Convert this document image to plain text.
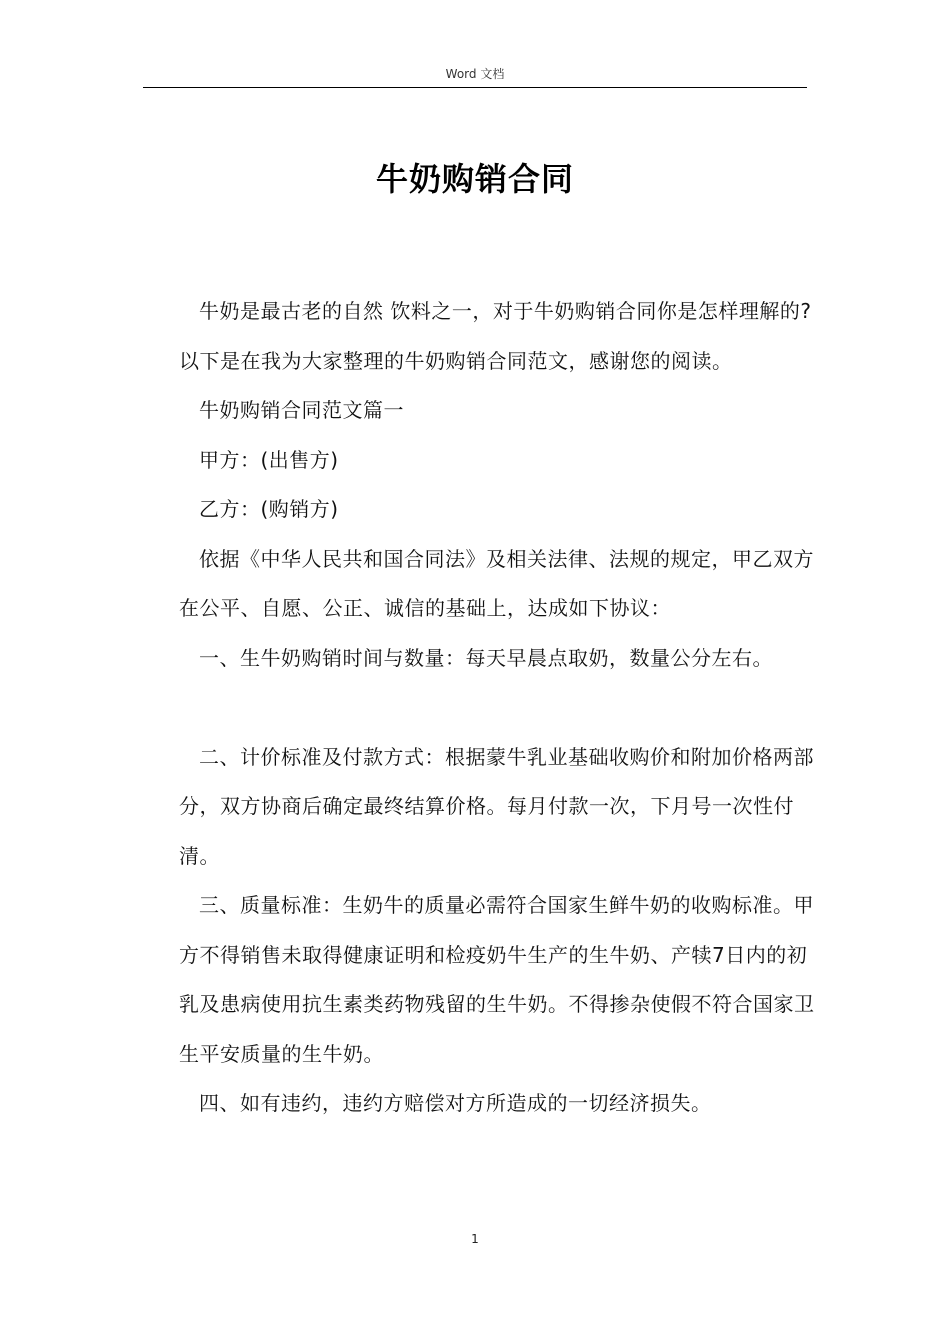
Word 文档
牛奶购销合同

牛奶是最古老的自然 饮料之一，对于牛奶购销合同你是怎样理解的?以下是在我为大家整理的牛奶购销合同范文，感谢您的阅读。

牛奶购销合同范文篇一

甲方：(出售方)

乙方：(购销方)

依据《中华人民共和国合同法》及相关法律、法规的规定，甲乙双方在公平、自愿、公正、诚信的基础上，达成如下协议：

一、生牛奶购销时间与数量：每天早晨点取奶，数量公分左右。

二、计价标准及付款方式：根据蒙牛乳业基础收购价和附加价格两部分，双方协商后确定最终结算价格。每月付款一次，下月号一次性付清。

三、质量标准：生奶牛的质量必需符合国家生鲜牛奶的收购标准。甲方不得销售未取得健康证明和检疫奶牛生产的生牛奶、产犊7日内的初乳及患病使用抗生素类药物残留的生牛奶。不得掺杂使假不符合国家卫生平安质量的生牛奶。

四、如有违约，违约方赔偿对方所造成的一切经济损失。

1
